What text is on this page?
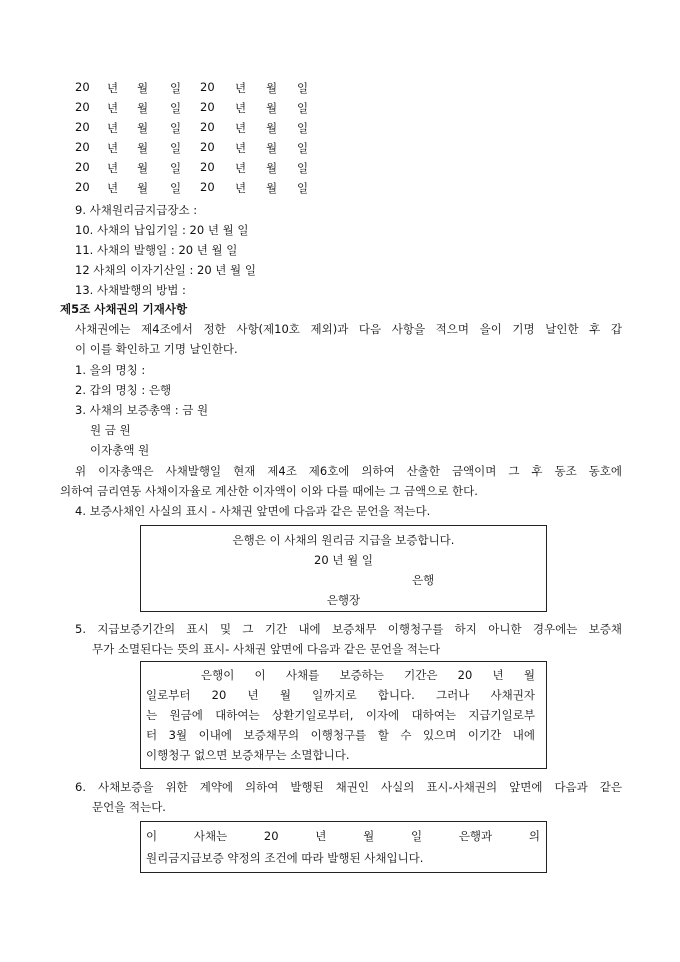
20 년 월 일 20 년 월 일
20 년 월 일 20 년 월 일
20 년 월 일 20 년 월 일
20 년 월 일 20 년 월 일
20 년 월 일 20 년 월 일
20 년 월 일 20 년 월 일
9. 사채원리금지급장소 :
10. 사채의 납입기일 : 20 년 월 일
11. 사채의 발행일 : 20 년 월 일
12 사채의 이자기산일 : 20 년 월 일
13. 사채발행의 방법 :
제5조 사채권의 기재사항
사채권에는 제4조에서 정한 사항(제10호 제외)과 다음 사항을 적으며 을이 기명 날인한 후 갑
이 이를 확인하고 기명 날인한다.
1. 을의 명칭 :
2. 갑의 명칭 : 은행
3. 사채의 보증총액 : 금 원
원 금 원
이자총액 원
위 이자총액은 사채발행일 현재 제4조 제6호에 의하여 산출한 금액이며 그 후 동조 동호에
의하여 금리연동 사채이자율로 계산한 이자액이 이와 다를 때에는 그 금액으로 한다.
4. 보증사채인 사실의 표시 - 사채권 앞면에 다음과 같은 문언을 적는다.
은행은 이 사채의 원리금 지급을 보증합니다.
20 년 월 일
은행
은행장
5. 지급보증기간의 표시 및 그 기간 내에 보증채무 이행청구를 하지 아니한 경우에는 보증채
무가 소멸된다는 뜻의 표시- 사채권 앞면에 다음과 같은 문언을 적는다
은행이 이 사채를 보증하는 기간은 20 년 월
일로부터 20 년 월 일까지로 합니다. 그러나 사채권자
는 원금에 대하여는 상환기일로부터, 이자에 대하여는 지급기일로부
터 3월 이내에 보증채무의 이행청구를 할 수 있으며 이기간 내에
이행청구 없으면 보증채무는 소멸합니다.
6. 사채보증을 위한 계약에 의하여 발행된 채권인 사실의 표시-사채권의 앞면에 다음과 같은
문언을 적는다.
이 사채는 20 년 월 일 은행과 의
원리금지급보증 약정의 조건에 따라 발행된 사채입니다.
